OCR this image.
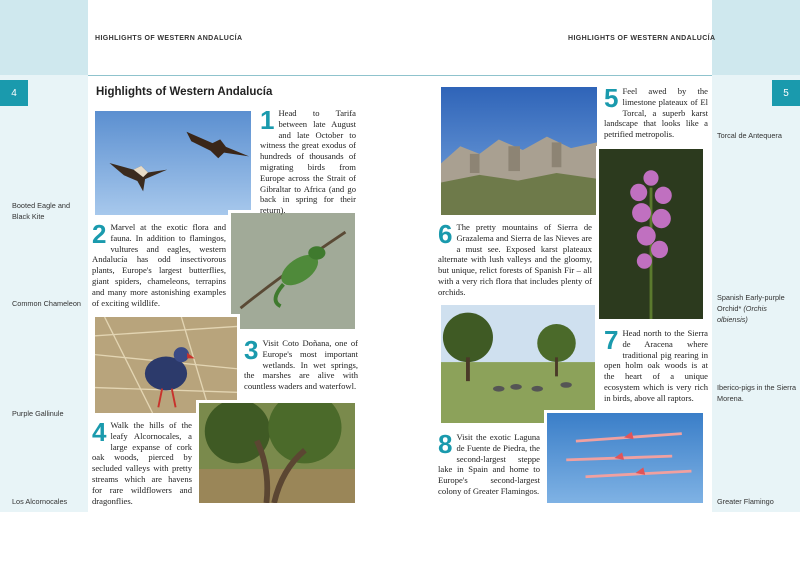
HIGHLIGHTS OF WESTERN ANDALUCÍA	HIGHLIGHTS OF WESTERN ANDALUCÍA
4	5
Highlights of Western Andalucía
Booted Eagle and Black Kite
Common Chameleon
Purple Gallinule
Los Alcornocales
Torcal de Antequera
Spanish Early-purple Orchid* (Orchis olbiensis)
Iberico-pigs in the Sierra Morena.
Greater Flamingo
1 Head to Tarifa between late August and late October to witness the great exodus of hundreds of thousands of migrating birds from Europe across the Strait of Gibraltar to Africa (and go back in spring for their return).
2 Marvel at the exotic flora and fauna. In addition to flamingos, vultures and eagles, western Andalucía has odd insectivorous plants, Europe's largest butterflies, giant spiders, chameleons, terrapins and many more astonishing examples of exciting wildlife.
3 Visit Coto Doñana, one of Europe's most important wetlands. In wet springs, the marshes are alive with countless waders and waterfowl.
4 Walk the hills of the leafy Alcornocales, a large expanse of cork oak woods, pierced by secluded valleys with pretty streams which are havens for rare wildflowers and dragonflies.
5 Feel awed by the limestone plateaux of El Torcal, a superb karst landscape that looks like a petrified metropolis.
6 The pretty mountains of Sierra de Grazalema and Sierra de las Nieves are a must see. Exposed karst plateaux alternate with lush valleys and the gloomy, but unique, relict forests of Spanish Fir – all with a very rich flora that includes plenty of orchids.
7 Head north to the Sierra de Aracena where traditional pig rearing in open holm oak woods is at the heart of a unique ecosystem which is very rich in birds, above all raptors.
8 Visit the exotic Laguna de Fuente de Piedra, the second-largest steppe lake in Spain and home to Europe's second-largest colony of Greater Flamingos.
